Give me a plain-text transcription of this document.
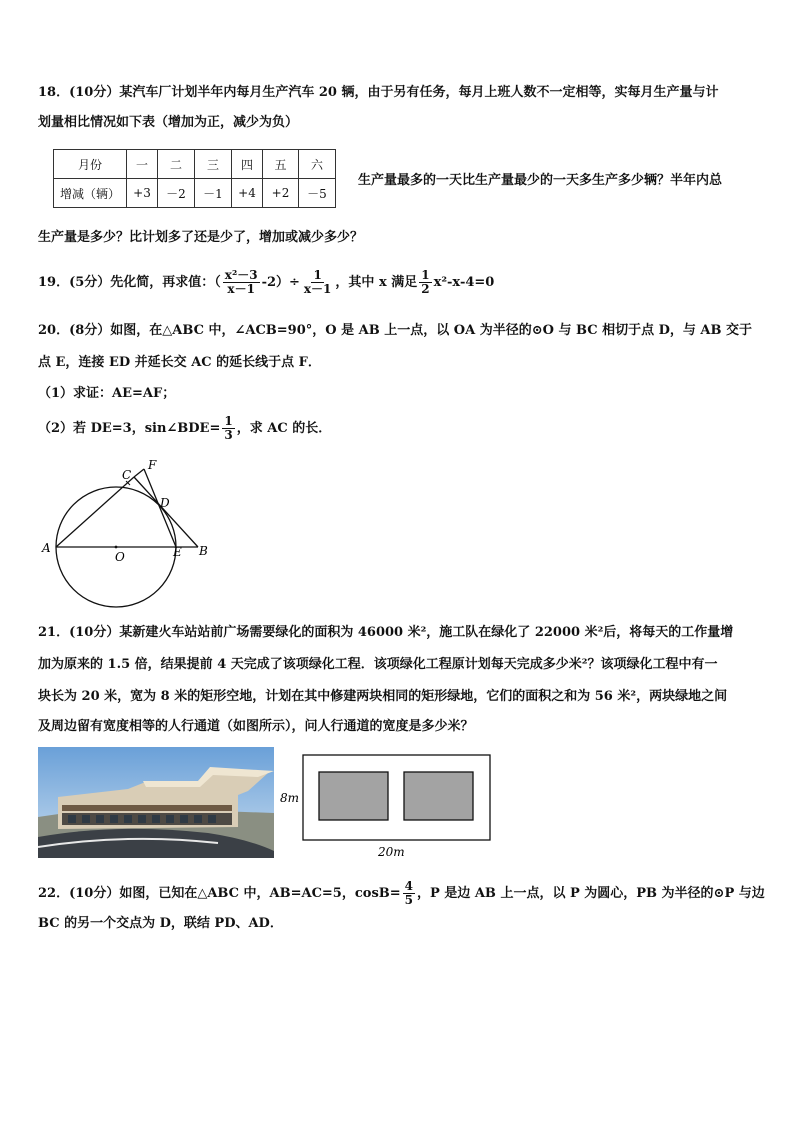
18．(10分）某汽车厂计划半年内每月生产汽车 20 辆，由于另有任务，每月上班人数不一定相等，实每月生产量与计
划量相比情况如下表（增加为正，减少为负）
月份	一	二	三	四	五	六
增减（辆）	+3	－2	－1	+4	+2	－5
生产量最多的一天比生产量最少的一天多生产多少辆？半年内总
生产量是多少？比计划多了还是少了，增加或减少多少？
19．(5分）先化简，再求值：（ $\frac{\text{x²－3}}{x-1} -2)\div \frac{1}{x-1}$ ，其中 x 满足 $\frac{1}{2} x^2-x-4=0$
20．(8分）如图，在△ABC 中，∠ACB=90°，O 是 AB 上一点，以 OA 为半径的⊙O 与 BC 相切于点 D，与 AB 交于
点 E，连接 ED 并延长交 AC 的延长线于点 F．
（1）求证：AE=AF；
（2）若 DE=3，sin∠BDE= $\frac{1}{3}$ ，求 AC 的长．
C
F
D
A
O	E B
21．(10分）某新建火车站站前广场需要绿化的面积为 46000 米²，施工队在绿化了 22000 米²后，将每天的工作量增
加为原来的 1.5 倍，结果提前 4 天完成了该项绿化工程．该项绿化工程原计划每天完成多少米²？该项绿化工程中有一
块长为 20 米，宽为 8 米的矩形空地，计划在其中修建两块相同的矩形绿地，它们的面积之和为 56 米²，两块绿地之间
及周边留有宽度相等的人行通道（如图所示），问人行通道的宽度是多少米？
8m
20m
22．(10分）如图，已知在△ABC 中，AB=AC=5，$\cos B= \frac{4}{5}$ ，P 是边 AB 上一点，以 P 为圆心，PB 为半径的⊙P 与边
BC 的另一个交点为 D，联结 PD、AD．
